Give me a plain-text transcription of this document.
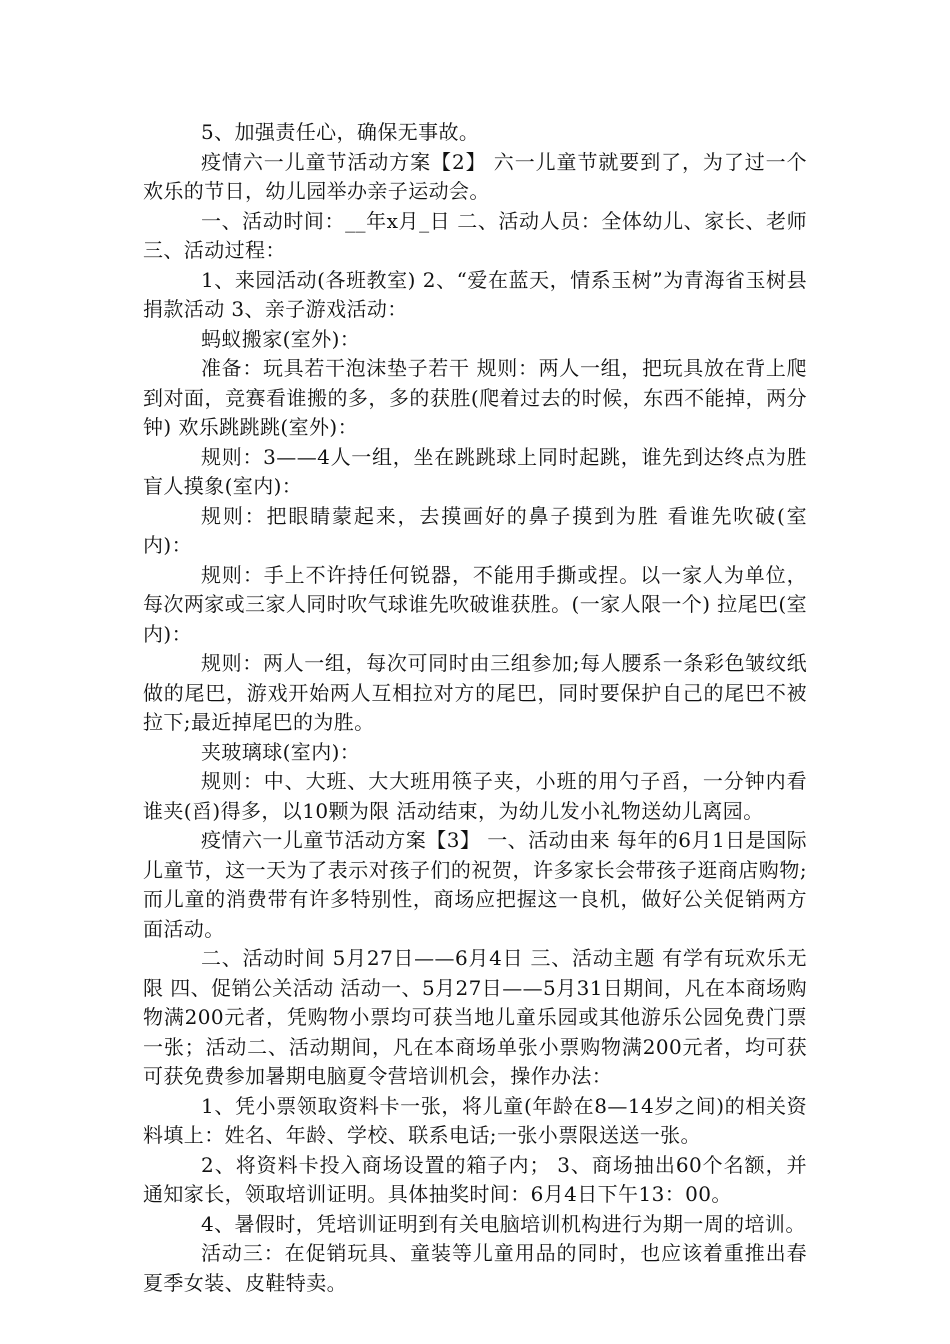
5、加强责任心，确保无事故。

疫情六一儿童节活动方案【2】 六一儿童节就要到了，为了过一个欢乐的节日，幼儿园举办亲子运动会。

一、活动时间：__年x月_日 二、活动人员：全体幼儿、家长、老师 三、活动过程：

1、来园活动(各班教室) 2、“爱在蓝天，情系玉树”为青海省玉树县捐款活动 3、亲子游戏活动：

蚂蚁搬家(室外)：

准备：玩具若干泡沫垫子若干 规则：两人一组，把玩具放在背上爬到对面，竞赛看谁搬的多，多的获胜(爬着过去的时候，东西不能掉，两分钟) 欢乐跳跳跳(室外)：

规则：3——4人一组，坐在跳跳球上同时起跳，谁先到达终点为胜 盲人摸象(室内)：

规则：把眼睛蒙起来，去摸画好的鼻子摸到为胜 看谁先吹破(室内)：

规则：手上不许持任何锐器，不能用手撕或捏。以一家人为单位，每次两家或三家人同时吹气球谁先吹破谁获胜。(一家人限一个) 拉尾巴(室内)：

规则：两人一组，每次可同时由三组参加;每人腰系一条彩色皱纹纸做的尾巴，游戏开始两人互相拉对方的尾巴，同时要保护自己的尾巴不被拉下;最近掉尾巴的为胜。

夹玻璃球(室内)：

规则：中、大班、大大班用筷子夹，小班的用勺子舀，一分钟内看谁夹(舀)得多，以10颗为限 活动结束，为幼儿发小礼物送幼儿离园。

疫情六一儿童节活动方案【3】 一、活动由来 每年的6月1日是国际儿童节，这一天为了表示对孩子们的祝贺，许多家长会带孩子逛商店购物;而儿童的消费带有许多特别性，商场应把握这一良机，做好公关促销两方面活动。

二、活动时间 5月27日——6月4日 三、活动主题 有学有玩欢乐无限 四、促销公关活动 活动一、5月27日——5月31日期间，凡在本商场购物满200元者，凭购物小票均可获当地儿童乐园或其他游乐公园免费门票一张；活动二、活动期间，凡在本商场单张小票购物满200元者，均可获可获免费参加暑期电脑夏令营培训机会，操作办法：

1、凭小票领取资料卡一张，将儿童(年龄在8—14岁之间)的相关资料填上：姓名、年龄、学校、联系电话;一张小票限送送一张。

2、将资料卡投入商场设置的箱子内； 3、商场抽出60个名额，并通知家长，领取培训证明。具体抽奖时间：6月4日下午13：00。

4、暑假时，凭培训证明到有关电脑培训机构进行为期一周的培训。

活动三：在促销玩具、童装等儿童用品的同时，也应该着重推出春夏季女装、皮鞋特卖。
